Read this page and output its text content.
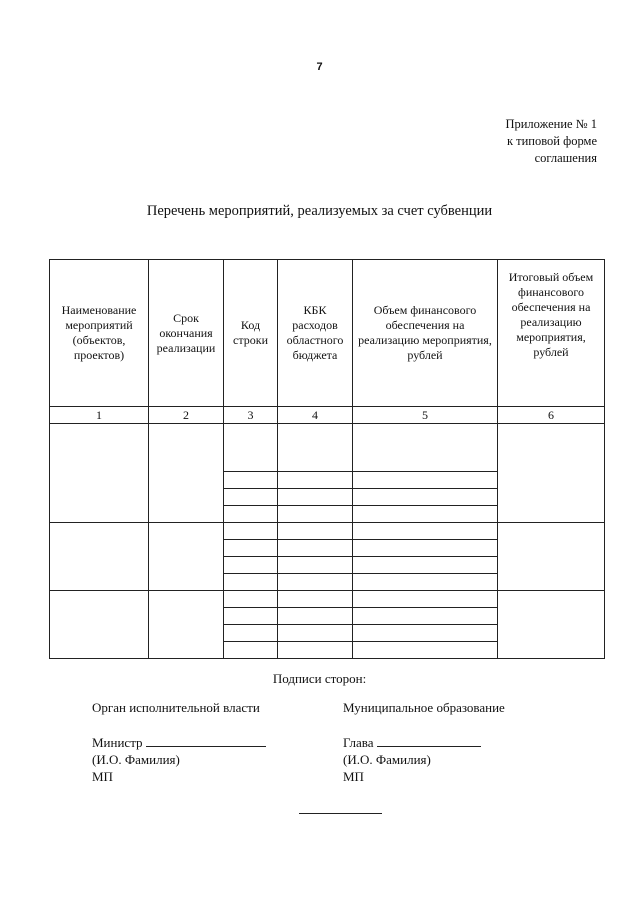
7
Приложение № 1
к типовой форме
соглашения
Перечень мероприятий, реализуемых за счет субвенции
Наименование мероприятий (объектов, проектов)	Срок окончания реализации	Код строки	КБК расходов областного бюджета	Объем финансового обеспечения на реализацию мероприятия, рублей	Итоговый объем финансового обеспечения на реализацию мероприятия, рублей
1	2	3	4	5	6

Подписи сторон:
Орган исполнительной власти
Министр
(И.О. Фамилия)
МП
Муниципальное образование
Глава
(И.О. Фамилия)
МП
